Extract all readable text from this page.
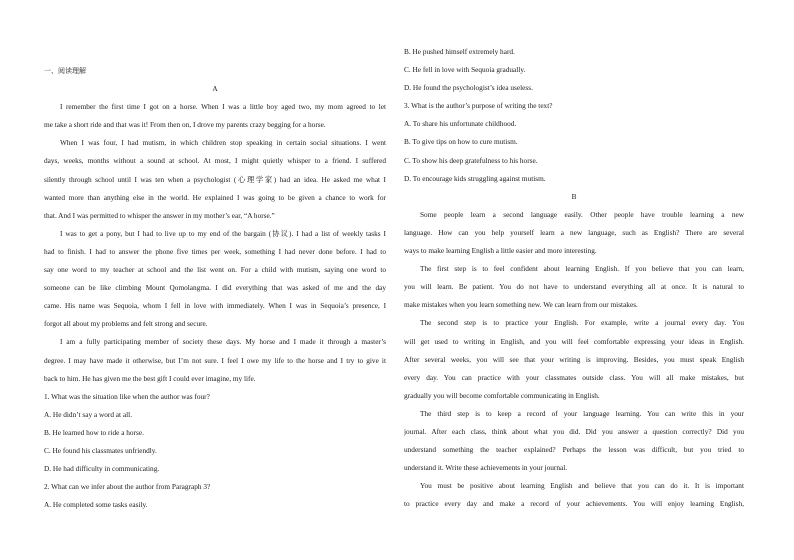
一、阅读理解
A
I remember the first time I got on a horse. When I was a little boy aged two, my mom agreed to let
me take a short ride and that was it! From then on, I drove my parents crazy begging for a horse.
When I was four, I had mutism, in which children stop speaking in certain social situations. I went
days, weeks, months without a sound at school. At most, I might quietly whisper to a friend. I suffered
silently through school until I was ten when a psychologist (心理学家) had an idea. He asked me what I
wanted more than anything else in the world. He explained I was going to be given a chance to work for
that. And I was permitted to whisper the answer in my mother’s ear, “A horse.”
I was to get a pony, but I had to live up to my end of the bargain (协议). I had a list of weekly tasks I
had to finish. I had to answer the phone five times per week, something I had never done before. I had to
say one word to my teacher at school and the list went on. For a child with mutism, saying one word to
someone can be like climbing Mount Qomolangma. I did everything that was asked of me and the day
came. His name was Sequoia, whom I fell in love with immediately. When I was in Sequoia’s presence, I
forgot all about my problems and felt strong and secure.
I am a fully participating member of society these days. My horse and I made it through a master’s
degree. I may have made it otherwise, but I’m not sure. I feel I owe my life to the horse and I try to give it
back to him. He has given me the best gift I could ever imagine, my life.
1. What was the situation like when the author was four?
A. He didn’t say a word at all.
B. He learned how to ride a horse.
C. He found his classmates unfriendly.
D. He had difficulty in communicating.
2. What can we infer about the author from Paragraph 3?
A. He completed some tasks easily.
B. He pushed himself extremely hard.
C. He fell in love with Sequoia gradually.
D. He found the psychologist’s idea useless.
3. What is the author’s purpose of writing the text?
A. To share his unfortunate childhood.
B. To give tips on how to cure mutism.
C. To show his deep gratefulness to his horse.
D. To encourage kids struggling against mutism.
B
Some people learn a second language easily. Other people have trouble learning a new
language. How can you help yourself learn a new language, such as English? There are several
ways to make learning English a little easier and more interesting.
The first step is to feel confident about learning English. If you believe that you can learn,
you will learn. Be patient. You do not have to understand everything all at once. It is natural to
make mistakes when you learn something new. We can learn from our mistakes.
The second step is to practice your English. For example, write a journal every day. You
will get used to writing in English, and you will feel comfortable expressing your ideas in English.
After several weeks, you will see that your writing is improving. Besides, you must speak English
every day. You can practice with your classmates outside class. You will all make mistakes, but
gradually you will become comfortable communicating in English.
The third step is to keep a record of your language learning. You can write this in your
journal. After each class, think about what you did. Did you answer a question correctly? Did you
understand something the teacher explained? Perhaps the lesson was difficult, but you tried to
understand it. Write these achievements in your journal.
You must be positive about learning English and believe that you can do it. It is important
to practice every day and make a record of your achievements. You will enjoy learning English,
